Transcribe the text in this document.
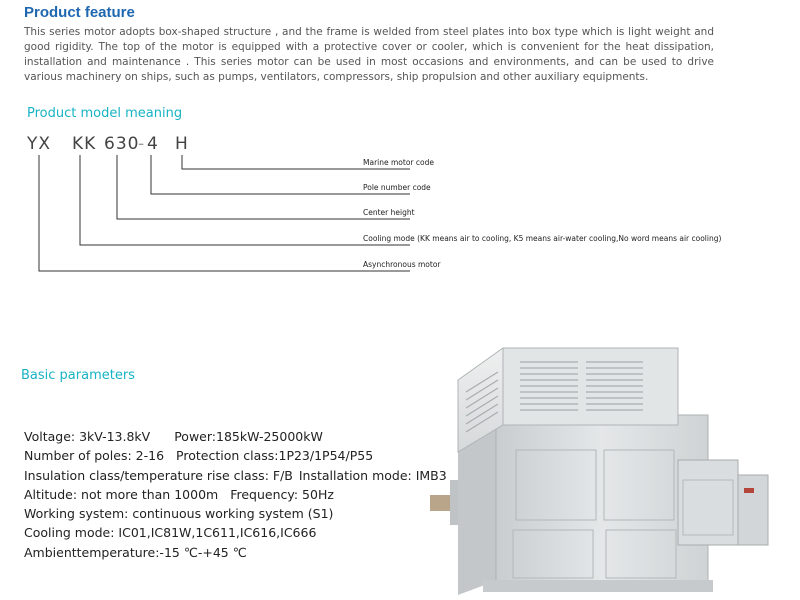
Product feature
This series motor adopts box-shaped structure , and the frame is welded from steel plates into box type which is light weight and good rigidity. The top of the motor is equipped with a protective cover or cooler, which is convenient for the heat dissipation, installation and maintenance . This series motor can be used in most occasions and environments, and can be used to drive various machinery on ships, such as pumps, ventilators, compressors, ship propulsion and other auxiliary equipments.
Product model meaning
YX KK 630
- 4 H
Marine motor code
Pole number code
Center height
Cooling mode (KK means air to cooling, K5 means air-water cooling,No word means air cooling)
Asynchronous motor
Basic parameters
Voltage: 3kV-13.8kV Power:185kW-25000kW
Number of poles: 2-16 Protection class:1P23/1P54/P55
Insulation class/temperature rise class: F/B Installation mode: IMB3
Altitude: not more than 1000m Frequency: 50Hz
Working system: continuous working system (S1)
Cooling mode: IC01,IC81W,1C611,IC616,IC666
Ambienttemperature:-15 ℃-+45 ℃
